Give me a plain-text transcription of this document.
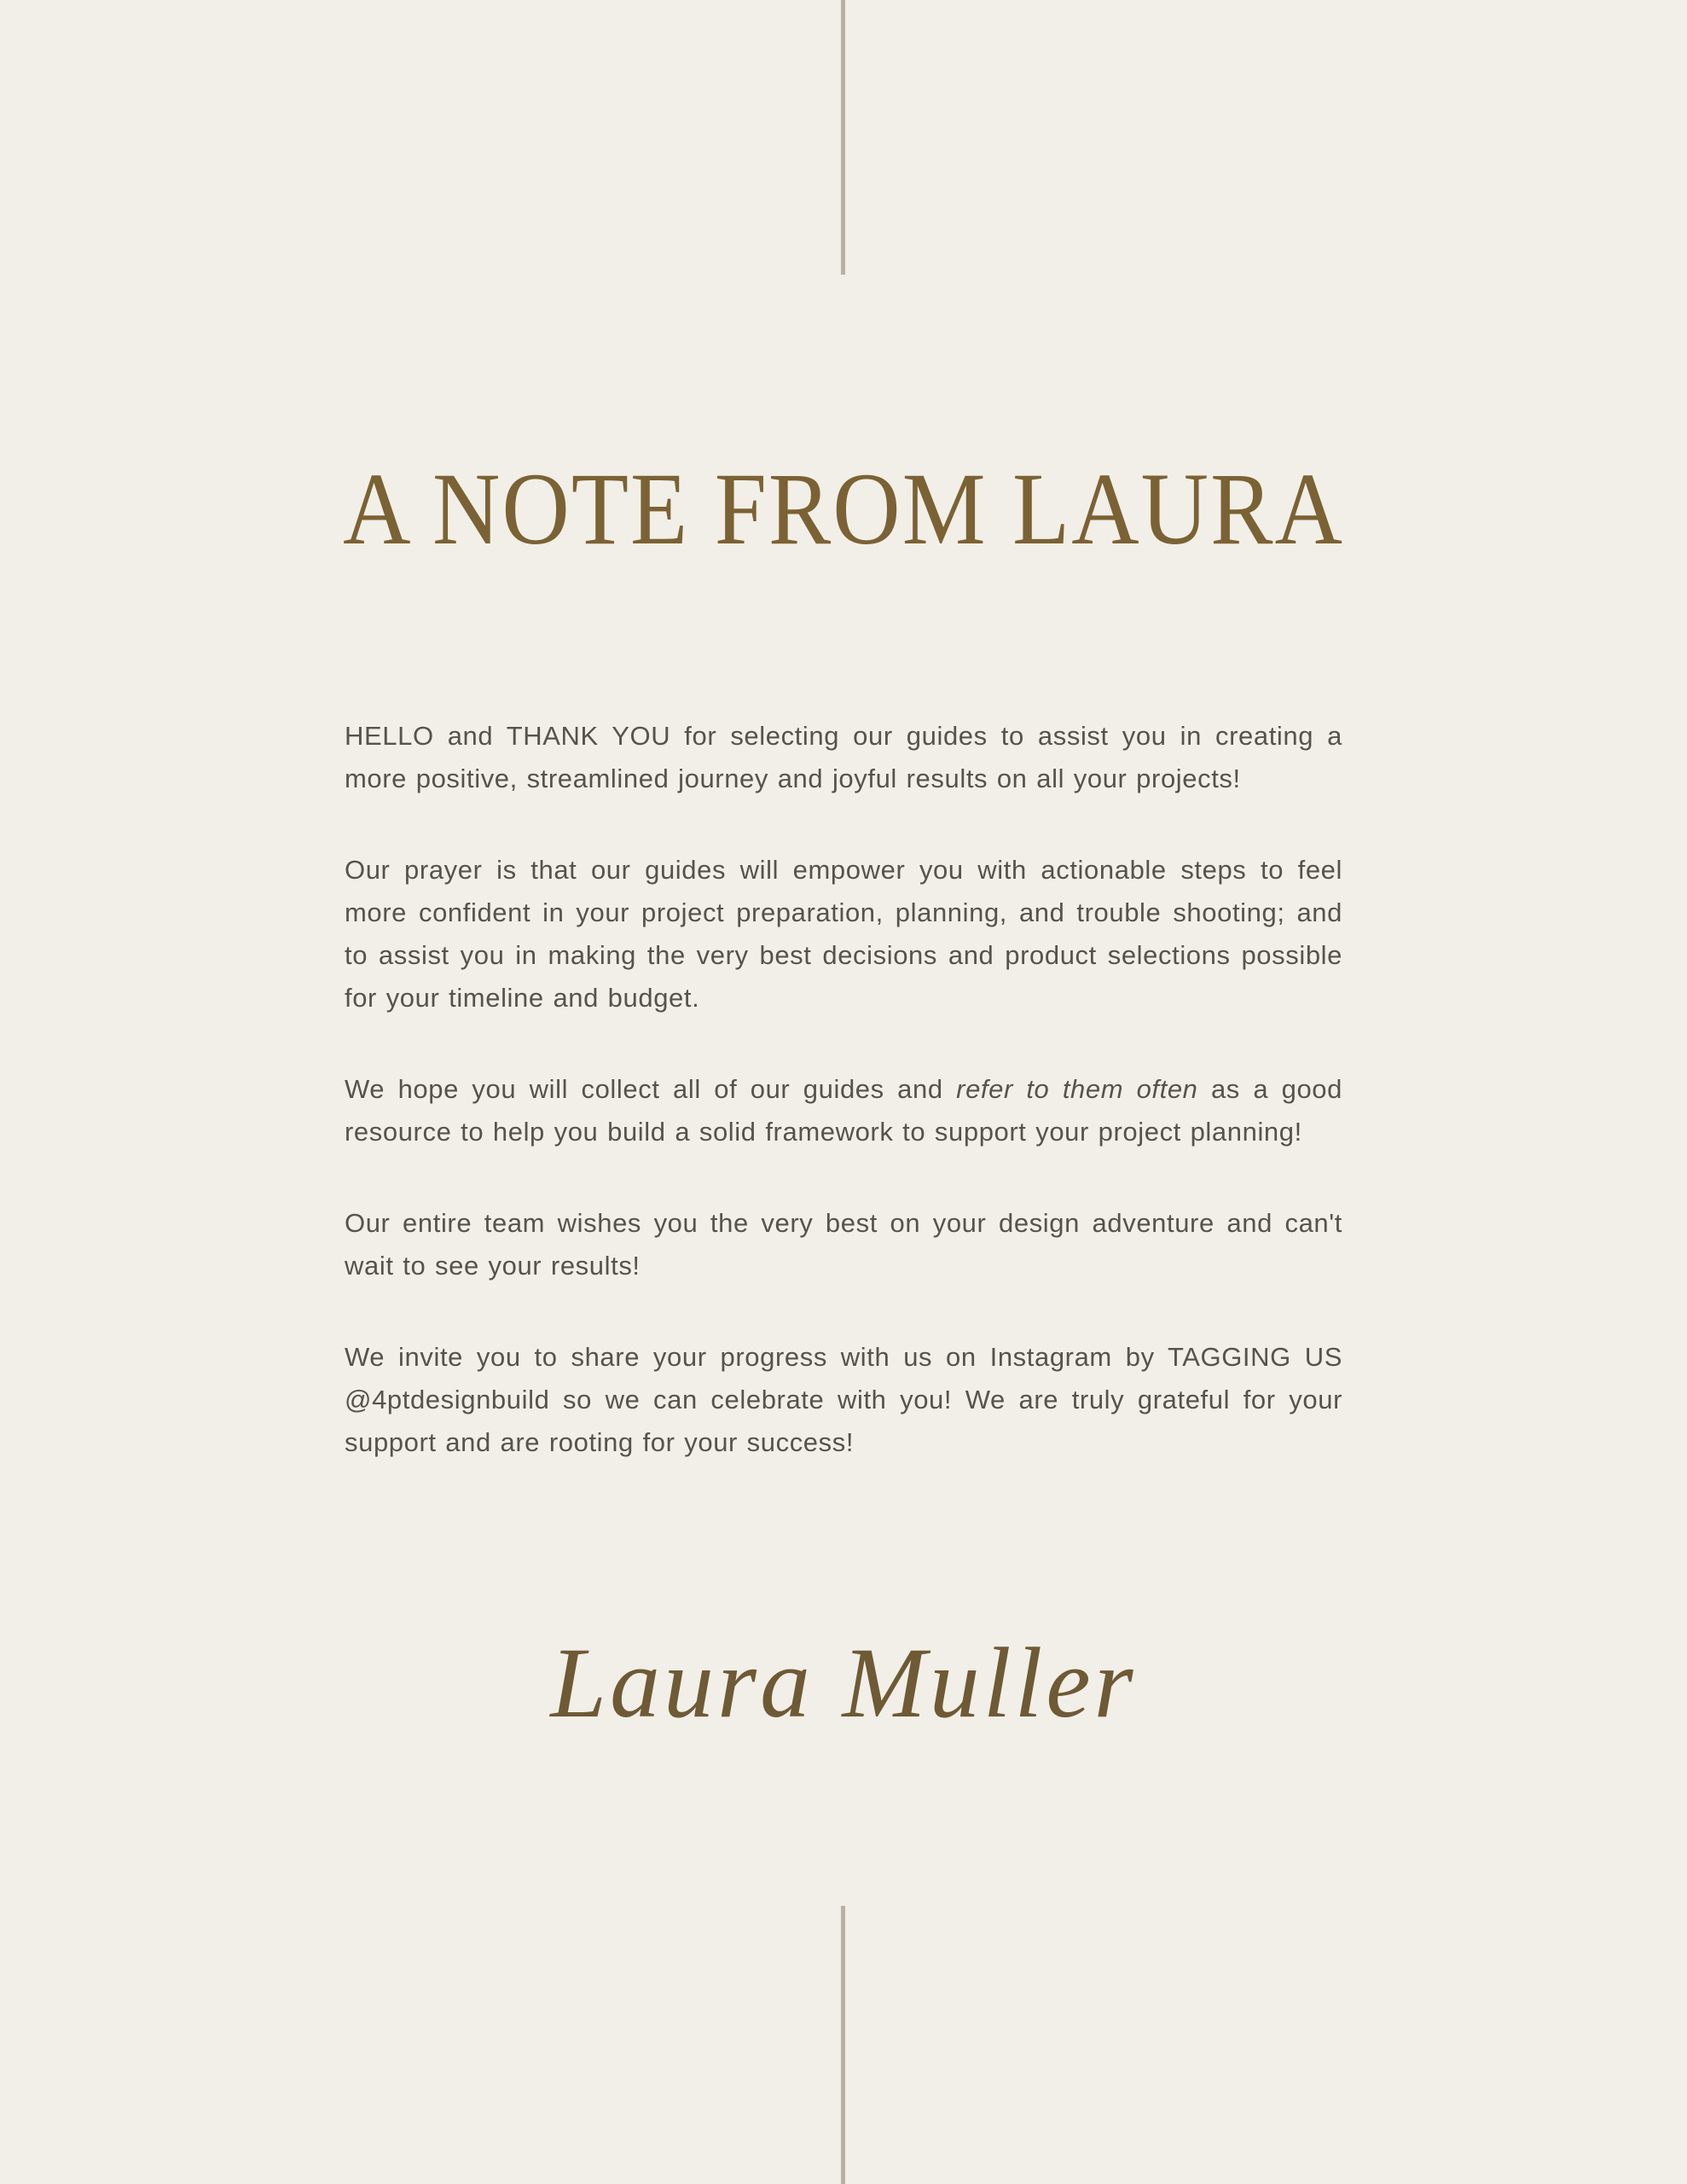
A NOTE FROM LAURA

HELLO and THANK YOU for selecting our guides to assist you in creating a more positive, streamlined journey and joyful results on all your projects!

Our prayer is that our guides will empower you with actionable steps to feel more confident in your project preparation, planning, and trouble shooting; and to assist you in making the very best decisions and product selections possible for your timeline and budget.

We hope you will collect all of our guides and refer to them often as a good resource to help you build a solid framework to support your project planning!

Our entire team wishes you the very best on your design adventure and can't wait to see your results!

We invite you to share your progress with us on Instagram by TAGGING US @4ptdesignbuild so we can celebrate with you! We are truly grateful for your support and are rooting for your success!

Laura Muller
